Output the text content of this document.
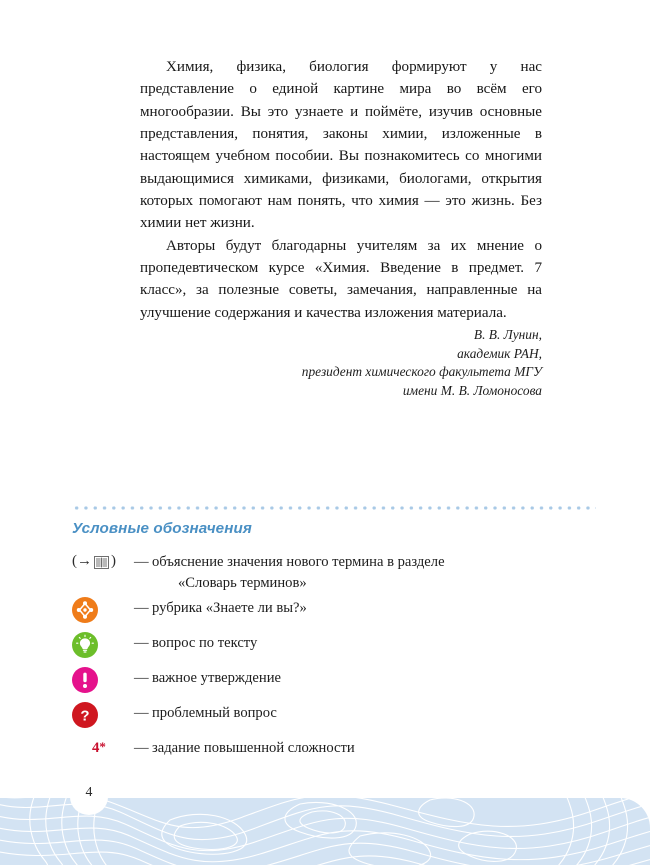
Химия, физика, биология формируют у нас представление о единой картине мира во всём его многообразии. Вы это узнаете и поймёте, изучив основные представления, понятия, законы химии, изложенные в настоящем учебном пособии. Вы познакомитесь со многими выдающимися химиками, физиками, биологами, открытия которых помогают нам понять, что химия — это жизнь. Без химии нет жизни.

Авторы будут благодарны учителям за их мнение о пропедевтическом курсе «Химия. Введение в предмет. 7 класс», за полезные советы, замечания, направленные на улучшение содержания и качества изложения материала.

В. В. Лунин,
академик РАН,
президент химического факультета МГУ
имени М. В. Ломоносова
Условные обозначения
(→ ) — объяснение значения нового термина в разделе
«Словарь терминов»
— рубрика «Знаете ли вы?»
— вопрос по тексту
— важное утверждение
?	— проблемный вопрос
4* — задание повышенной сложности
4
